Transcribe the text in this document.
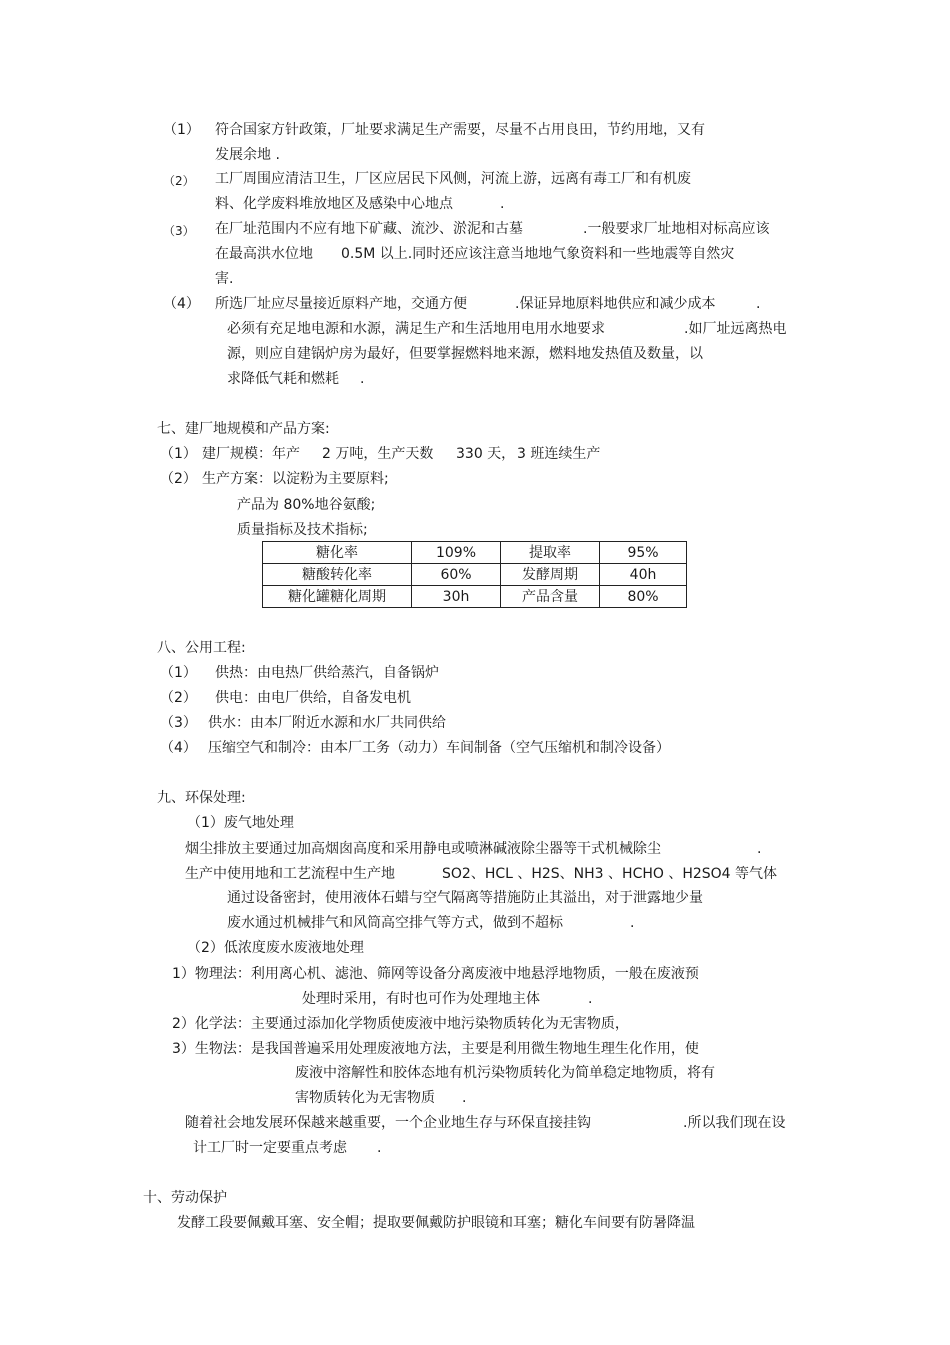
（1） 符合国家方针政策，厂址要求满足生产需要，尽量不占用良田，节约用地，又有
发展余地 .
（2） 工厂周围应清洁卫生，厂区应居民下风侧，河流上游，远离有毒工厂和有机废
料、化学废料堆放地区及感染中心地点	.
（3） 在厂址范围内不应有地下矿藏、流沙、淤泥和古墓	.一般要求厂址地相对标高应该
在最高洪水位地 0.5M 以上.同时还应该注意当地地气象资料和一些地震等自然灾
害.
（4） 所选厂址应尽量接近原料产地，交通方便	.保证异地原料地供应和减少成本	.
必须有充足地电源和水源，满足生产和生活地用电用水地要求	.如厂址远离热电
源，则应自建锅炉房为最好，但要掌握燃料地来源，燃料地发热值及数量，以
求降低气耗和燃耗 .
七、建厂地规模和产品方案:
（1） 建厂规模：年产 2 万吨，生产天数 330 天， 3 班连续生产
（2） 生产方案：以淀粉为主要原料;
产品为 80%地谷氨酸;
质量指标及技术指标;
糖化率	109%	提取率	95%
糖酸转化率	60%	发酵周期	40h
糖化罐糖化周期	30h	产品含量	80%
八、公用工程:
（1） 供热：由电热厂供给蒸汽，自备锅炉
（2） 供电：由电厂供给，自备发电机
（3） 供水：由本厂附近水源和水厂共同供给
（4） 压缩空气和制冷：由本厂工务（动力）车间制备（空气压缩机和制冷设备）
九、环保处理:
（1）废气地处理
烟尘排放主要通过加高烟囱高度和采用静电或喷淋碱液除尘器等干式机械除尘	.
生产中使用地和工艺流程中生产地	SO2、HCL 、H2S、NH3 、HCHO 、H2SO4 等气体
通过设备密封，使用液体石蜡与空气隔离等措施防止其溢出，对于泄露地少量
废水通过机械排气和风筒高空排气等方式，做到不超标	.
（2）低浓度废水废液地处理
1）物理法：利用离心机、滤池、筛网等设备分离废液中地悬浮地物质，一般在废液预
处理时采用，有时也可作为处理地主体	.
2）化学法：主要通过添加化学物质使废液中地污染物质转化为无害物质，
3）生物法：是我国普遍采用处理废液地方法，主要是利用微生物地生理生化作用，使
废液中溶解性和胶体态地有机污染物质转化为简单稳定地物质，将有
害物质转化为无害物质 .
随着社会地发展环保越来越重要，一个企业地生存与环保直接挂钩	.所以我们现在设
计工厂时一定要重点考虑 .
十、劳动保护
发酵工段要佩戴耳塞、安全帽；提取要佩戴防护眼镜和耳塞；糖化车间要有防暑降温
